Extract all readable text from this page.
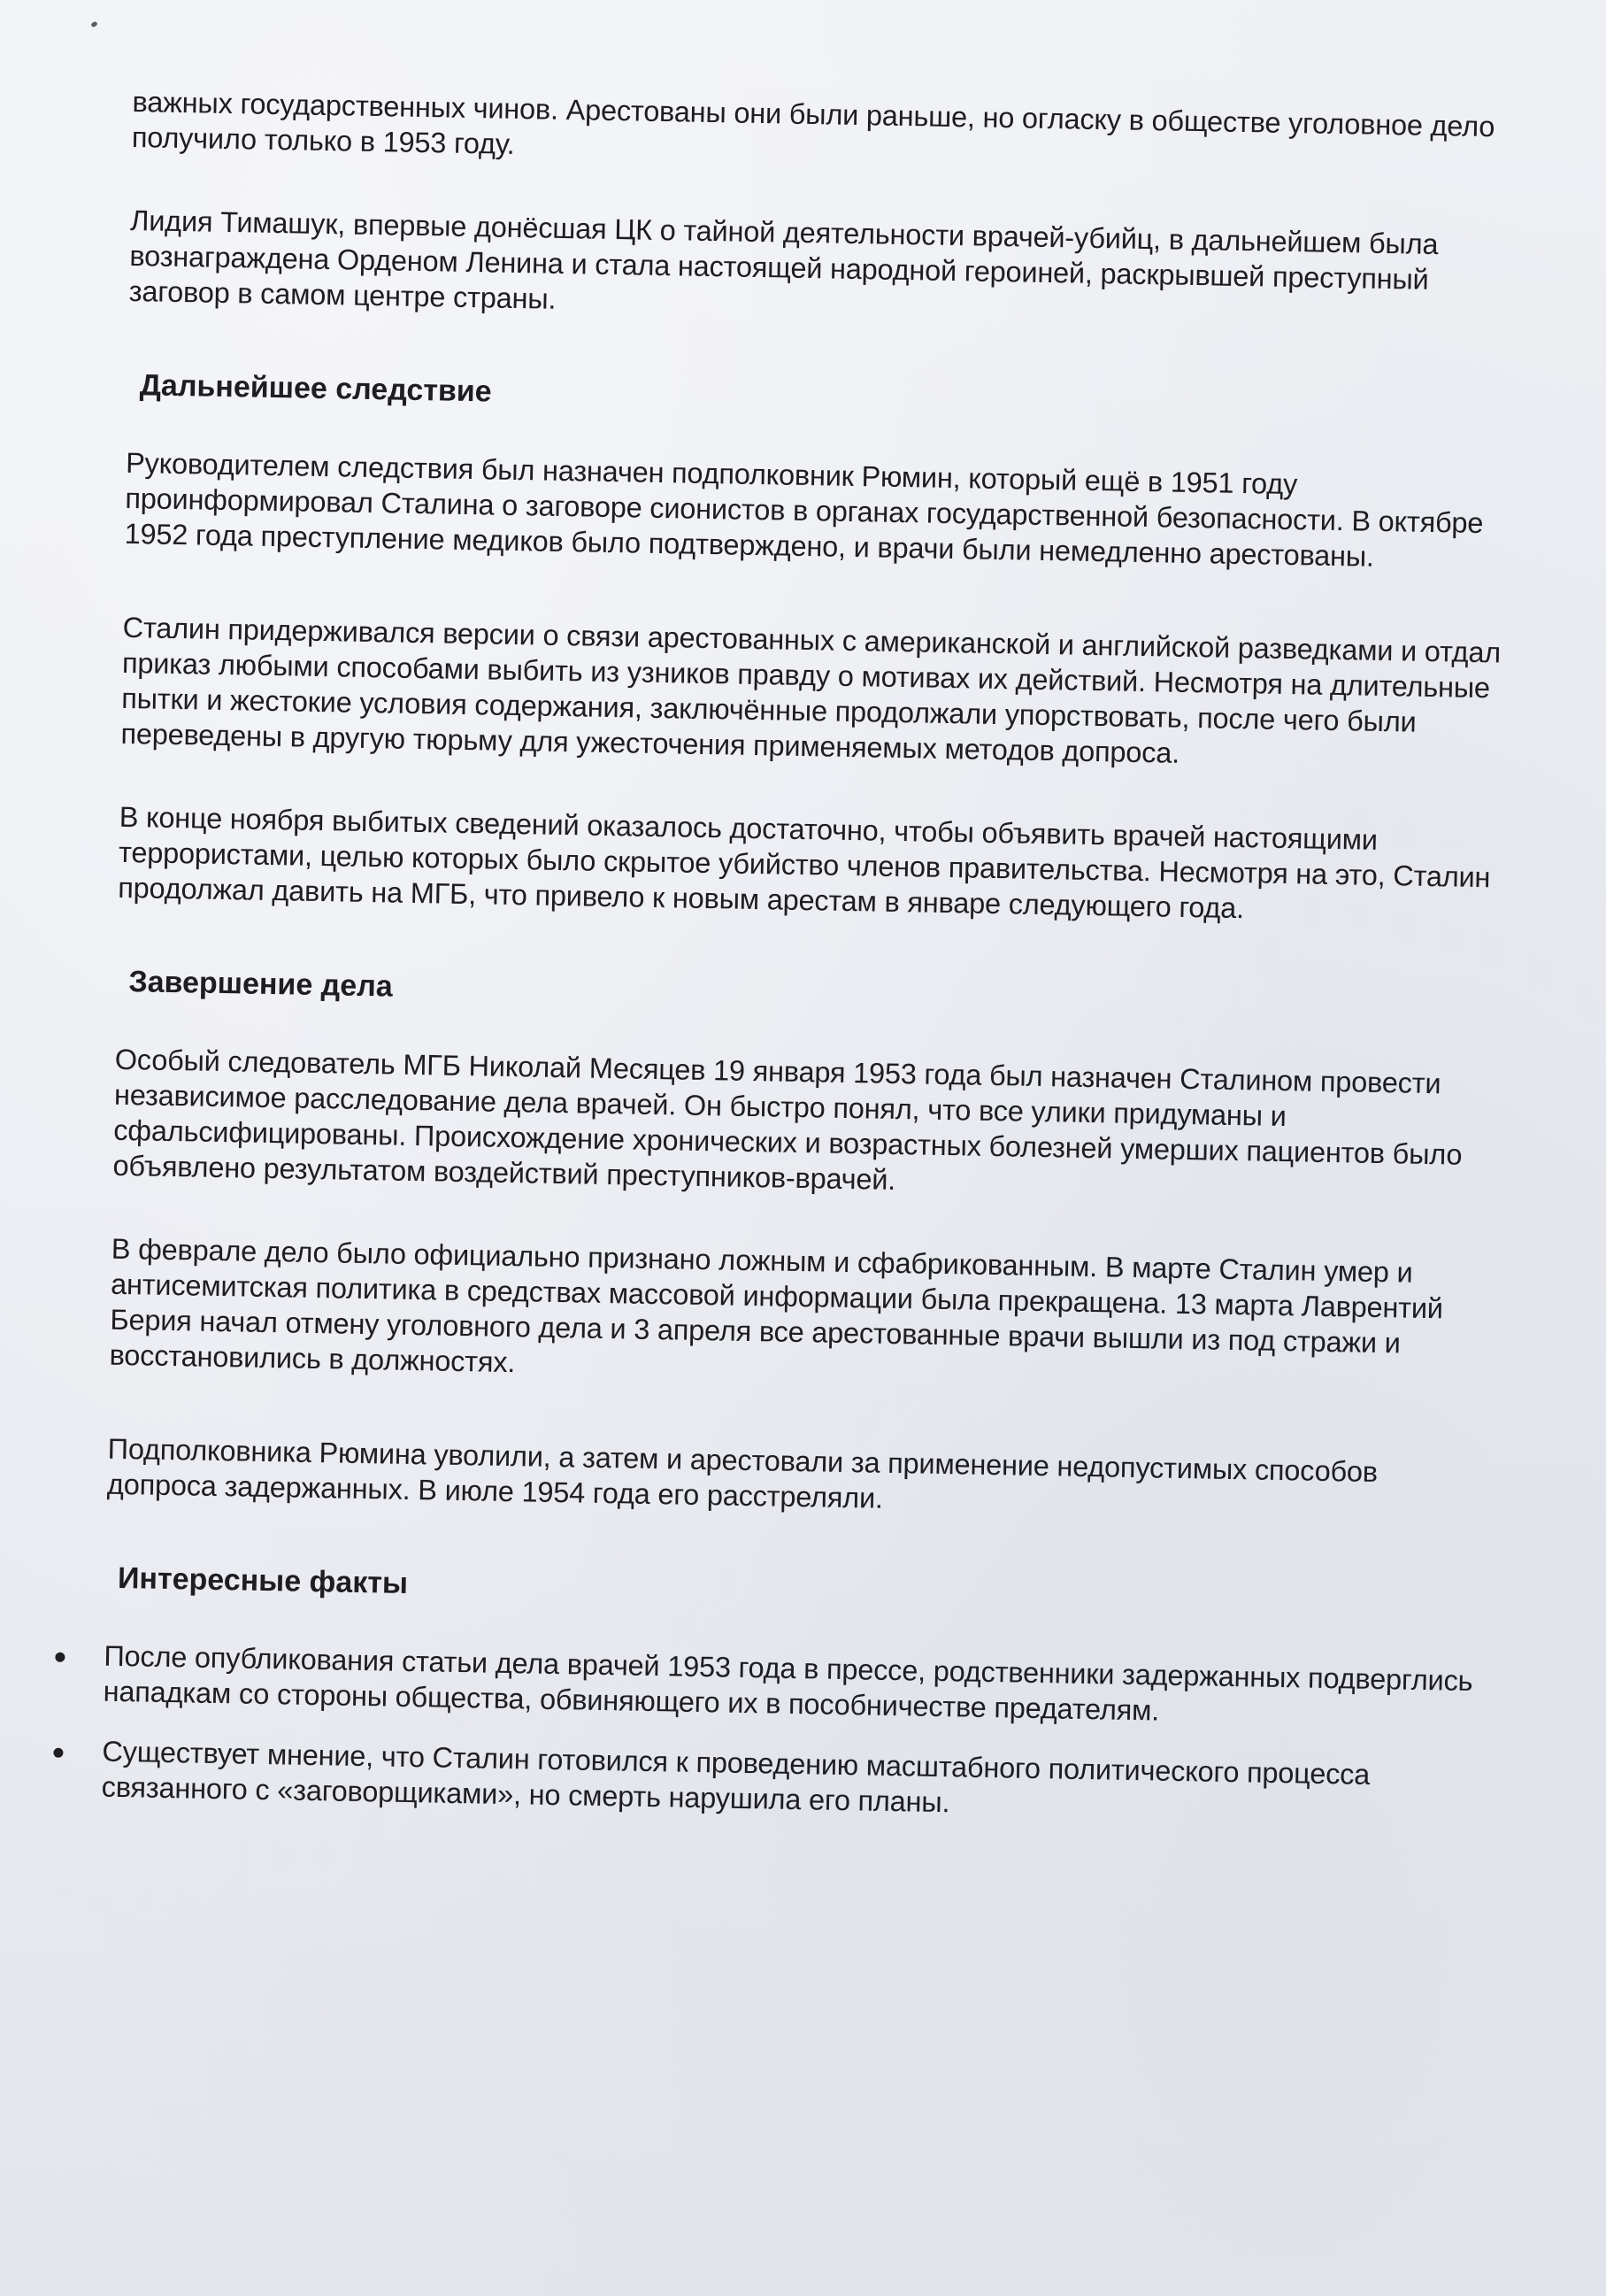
важных государственных чинов. Арестованы они были раньше, но огласку в обществе уголовное дело получило только в 1953 году.

Лидия Тимашук, впервые донёсшая ЦК о тайной деятельности врачей-убийц, в дальнейшем была вознаграждена Орденом Ленина и стала настоящей народной героиней, раскрывшей преступный заговор в самом центре страны.

Дальнейшее следствие

Руководителем следствия был назначен подполковник Рюмин, который ещё в 1951 году проинформировал Сталина о заговоре сионистов в органах государственной безопасности. В октябре 1952 года преступление медиков было подтверждено, и врачи были немедленно арестованы.

Сталин придерживался версии о связи арестованных с американской и английской разведками и отдал приказ любыми способами выбить из узников правду о мотивах их действий. Несмотря на длительные пытки и жестокие условия содержания, заключённые продолжали упорствовать, после чего были переведены в другую тюрьму для ужесточения применяемых методов допроса.

В конце ноября выбитых сведений оказалось достаточно, чтобы объявить врачей настоящими террористами, целью которых было скрытое убийство членов правительства. Несмотря на это, Сталин продолжал давить на МГБ, что привело к новым арестам в январе следующего года.

Завершение дела

Особый следователь МГБ Николай Месяцев 19 января 1953 года был назначен Сталином провести независимое расследование дела врачей. Он быстро понял, что все улики придуманы и сфальсифицированы. Происхождение хронических и возрастных болезней умерших пациентов было объявлено результатом воздействий преступников-врачей.

В феврале дело было официально признано ложным и сфабрикованным. В марте Сталин умер и антисемитская политика в средствах массовой информации была прекращена. 13 марта Лаврентий Берия начал отмену уголовного дела и 3 апреля все арестованные врачи вышли из под стражи и восстановились в должностях.

Подполковника Рюмина уволили, а затем и арестовали за применение недопустимых способов допроса задержанных. В июле 1954 года его расстреляли.

Интересные факты
После опубликования статьи дела врачей 1953 года в прессе, родственники задержанных подверглись нападкам со стороны общества, обвиняющего их в пособничестве предателям.
Существует мнение, что Сталин готовился к проведению масштабного политического процесса связанного с «заговорщиками», но смерть нарушила его планы.
